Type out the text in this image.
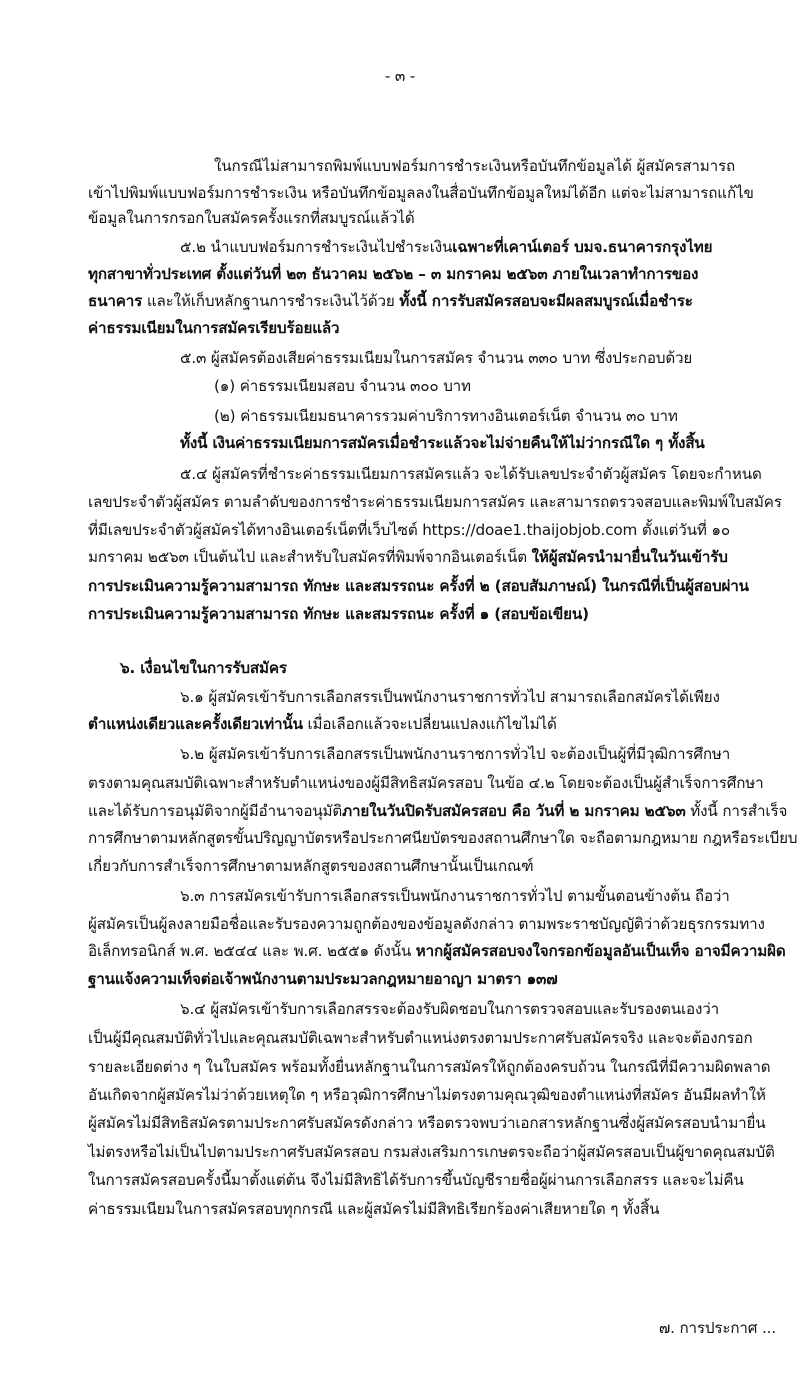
- ๓ -
ในกรณีไม่สามารถพิมพ์แบบฟอร์มการชำระเงินหรือบันทึกข้อมูลได้ ผู้สมัครสามารถ
เข้าไปพิมพ์แบบฟอร์มการชำระเงิน หรือบันทึกข้อมูลลงในสื่อบันทึกข้อมูลใหม่ได้อีก แต่จะไม่สามารถแก้ไข
ข้อมูลในการกรอกใบสมัครครั้งแรกที่สมบูรณ์แล้วได้
๕.๒ นำแบบฟอร์มการชำระเงินไปชำระเงินเฉพาะที่เคาน์เตอร์ บมจ.ธนาคารกรุงไทย
ทุกสาขาทั่วประเทศ ตั้งแต่วันที่ ๒๓ ธันวาคม ๒๕๖๒ – ๓ มกราคม ๒๕๖๓ ภายในเวลาทำการของ
ธนาคาร และให้เก็บหลักฐานการชำระเงินไว้ด้วย ทั้งนี้ การรับสมัครสอบจะมีผลสมบูรณ์เมื่อชำระ
ค่าธรรมเนียมในการสมัครเรียบร้อยแล้ว
๕.๓ ผู้สมัครต้องเสียค่าธรรมเนียมในการสมัคร จำนวน ๓๓๐ บาท ซึ่งประกอบด้วย
(๑) ค่าธรรมเนียมสอบ จำนวน ๓๐๐ บาท
(๒) ค่าธรรมเนียมธนาคารรวมค่าบริการทางอินเตอร์เน็ต จำนวน ๓๐ บาท
ทั้งนี้ เงินค่าธรรมเนียมการสมัครเมื่อชำระแล้วจะไม่จ่ายคืนให้ไม่ว่ากรณีใด ๆ ทั้งสิ้น
๕.๔ ผู้สมัครที่ชำระค่าธรรมเนียมการสมัครแล้ว จะได้รับเลขประจำตัวผู้สมัคร โดยจะกำหนด
เลขประจำตัวผู้สมัคร ตามลำดับของการชำระค่าธรรมเนียมการสมัคร และสามารถตรวจสอบและพิมพ์ใบสมัคร
ที่มีเลขประจำตัวผู้สมัครได้ทางอินเตอร์เน็ตที่เว็บไซต์ https://doae1.thaijobjob.com ตั้งแต่วันที่ ๑๐
มกราคม ๒๕๖๓ เป็นต้นไป และสำหรับใบสมัครที่พิมพ์จากอินเตอร์เน็ต ให้ผู้สมัครนำมายื่นในวันเข้ารับ
การประเมินความรู้ความสามารถ ทักษะ และสมรรถนะ ครั้งที่ ๒ (สอบสัมภาษณ์) ในกรณีที่เป็นผู้สอบผ่าน
การประเมินความรู้ความสามารถ ทักษะ และสมรรถนะ ครั้งที่ ๑ (สอบข้อเขียน)
๖. เงื่อนไขในการรับสมัคร
๖.๑ ผู้สมัครเข้ารับการเลือกสรรเป็นพนักงานราชการทั่วไป สามารถเลือกสมัครได้เพียง
ตำแหน่งเดียวและครั้งเดียวเท่านั้น เมื่อเลือกแล้วจะเปลี่ยนแปลงแก้ไขไม่ได้
๖.๒ ผู้สมัครเข้ารับการเลือกสรรเป็นพนักงานราชการทั่วไป จะต้องเป็นผู้ที่มีวุฒิการศึกษา
ตรงตามคุณสมบัติเฉพาะสำหรับตำแหน่งของผู้มีสิทธิสมัครสอบ ในข้อ ๔.๒ โดยจะต้องเป็นผู้สำเร็จการศึกษา
และได้รับการอนุมัติจากผู้มีอำนาจอนุมัติภายในวันปิดรับสมัครสอบ คือ วันที่ ๒ มกราคม ๒๕๖๓ ทั้งนี้ การสำเร็จ
การศึกษาตามหลักสูตรขั้นปริญญาบัตรหรือประกาศนียบัตรของสถานศึกษาใด จะถือตามกฎหมาย กฎหรือระเบียบ
เกี่ยวกับการสำเร็จการศึกษาตามหลักสูตรของสถานศึกษานั้นเป็นเกณฑ์
๖.๓ การสมัครเข้ารับการเลือกสรรเป็นพนักงานราชการทั่วไป ตามขั้นตอนข้างต้น ถือว่า
ผู้สมัครเป็นผู้ลงลายมือชื่อและรับรองความถูกต้องของข้อมูลดังกล่าว ตามพระราชบัญญัติว่าด้วยธุรกรรมทาง
อิเล็กทรอนิกส์ พ.ศ. ๒๕๔๔ และ พ.ศ. ๒๕๕๑ ดังนั้น หากผู้สมัครสอบจงใจกรอกข้อมูลอันเป็นเท็จ อาจมีความผิด
ฐานแจ้งความเท็จต่อเจ้าพนักงานตามประมวลกฎหมายอาญา มาตรา ๑๓๗
๖.๔ ผู้สมัครเข้ารับการเลือกสรรจะต้องรับผิดชอบในการตรวจสอบและรับรองตนเองว่า
เป็นผู้มีคุณสมบัติทั่วไปและคุณสมบัติเฉพาะสำหรับตำแหน่งตรงตามประกาศรับสมัครจริง และจะต้องกรอก
รายละเอียดต่าง ๆ ในใบสมัคร พร้อมทั้งยื่นหลักฐานในการสมัครให้ถูกต้องครบถ้วน ในกรณีที่มีความผิดพลาด
อันเกิดจากผู้สมัครไม่ว่าด้วยเหตุใด ๆ หรือวุฒิการศึกษาไม่ตรงตามคุณวุฒิของตำแหน่งที่สมัคร อันมีผลทำให้
ผู้สมัครไม่มีสิทธิสมัครตามประกาศรับสมัครดังกล่าว หรือตรวจพบว่าเอกสารหลักฐานซึ่งผู้สมัครสอบนำมายื่น
ไม่ตรงหรือไม่เป็นไปตามประกาศรับสมัครสอบ กรมส่งเสริมการเกษตรจะถือว่าผู้สมัครสอบเป็นผู้ขาดคุณสมบัติ
ในการสมัครสอบครั้งนี้มาตั้งแต่ต้น จึงไม่มีสิทธิได้รับการขึ้นบัญชีรายชื่อผู้ผ่านการเลือกสรร และจะไม่คืน
ค่าธรรมเนียมในการสมัครสอบทุกกรณี และผู้สมัครไม่มีสิทธิเรียกร้องค่าเสียหายใด ๆ ทั้งสิ้น
๗. การประกาศ ...
